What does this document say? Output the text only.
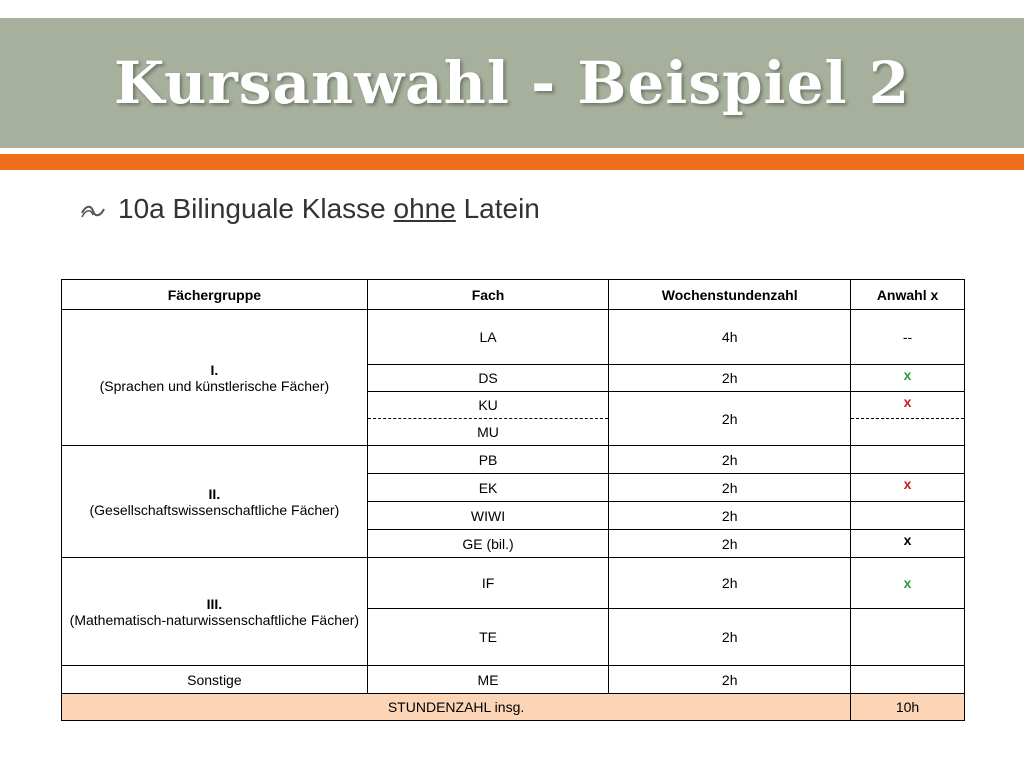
Kursanwahl - Beispiel 2
10a Bilinguale Klasse ohne Latein
Fächergruppe	Fach	Wochenstundenzahl	Anwahl x

I.
(Sprachen und künstlerische Fächer)	LA	4h	--
	DS	2h	x
	KU	2h	x
	MU		

II.
(Gesellschaftswissenschaftliche Fächer)	PB	2h	
	EK	2h	x
	WIWI	2h	
	GE (bil.)	2h	x

III.
(Mathematisch-naturwissenschaftliche Fächer)	IF	2h	x
	TE	2h	
Sonstige	ME	2h	
STUNDENZAHL insg.			10h
